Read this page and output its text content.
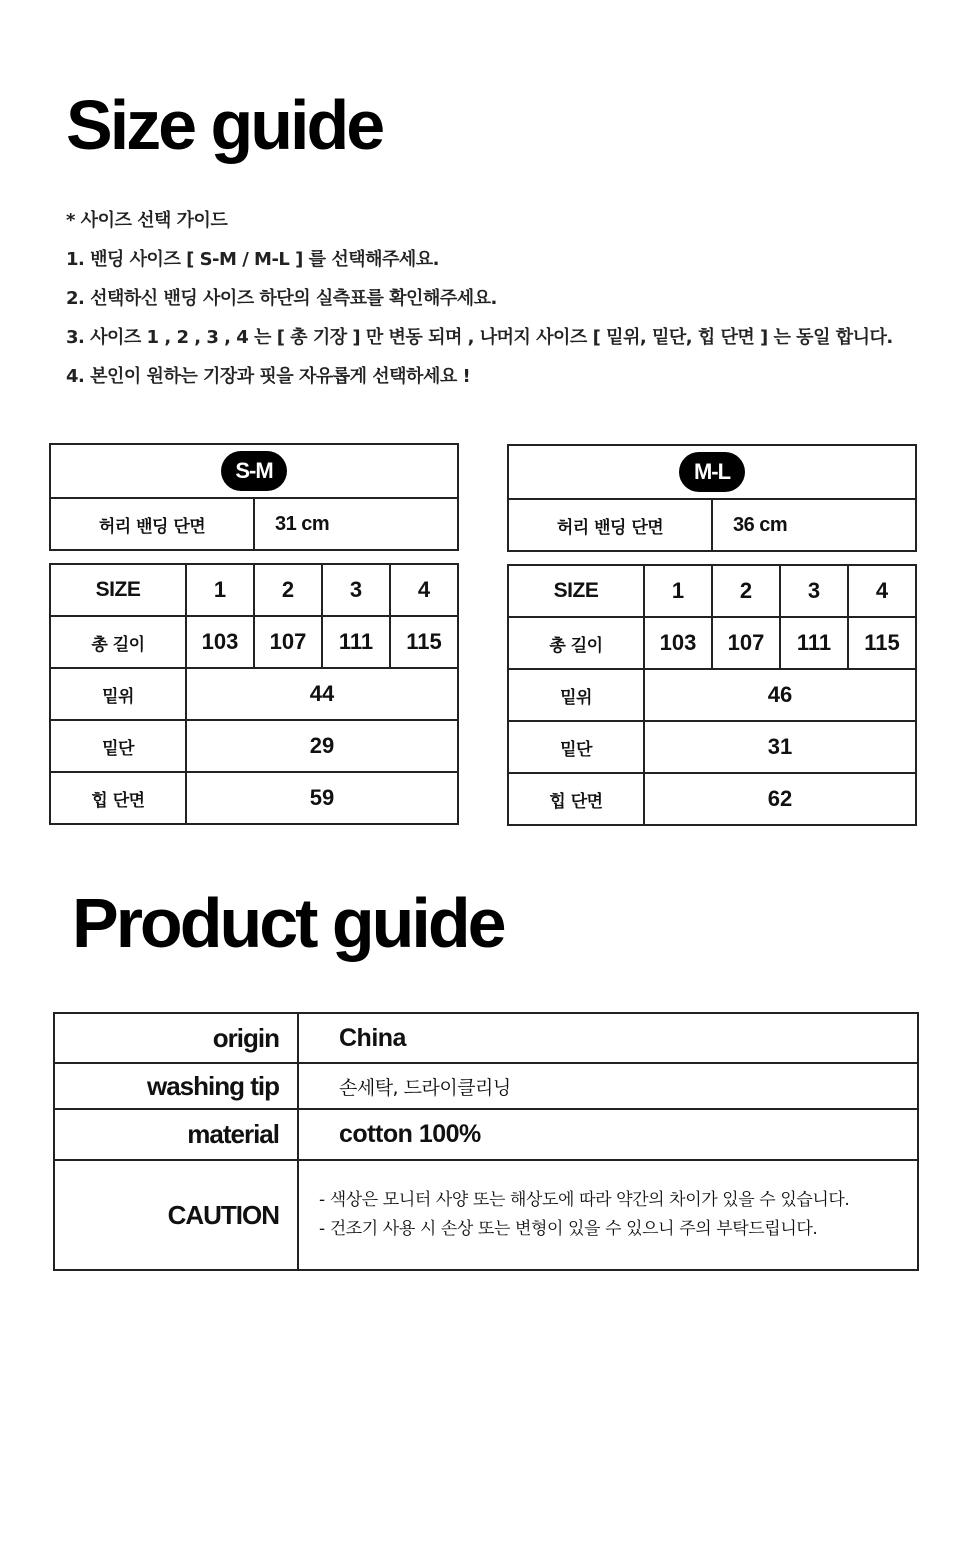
Size guide
* 사이즈 선택 가이드
1. 밴딩 사이즈 [ S-M / M-L ] 를 선택해주세요.
2. 선택하신 밴딩 사이즈 하단의 실측표를 확인해주세요.
3. 사이즈 1 , 2 , 3 , 4 는 [ 총 기장 ] 만 변동 되며 , 나머지 사이즈 [ 밑위, 밑단, 힙 단면 ] 는 동일 합니다.
4. 본인이 원하는 기장과 핏을 자유롭게 선택하세요 !
S-M
허리 밴딩 단면	31 cm
M-L
허리 밴딩 단면	36 cm
SIZE	1	2	3	4
총 길이	103	107	111	115
밑위	44			
밑단	29			
힙 단면	59			
SIZE	1	2	3	4
총 길이	103	107	111	115
밑위	46			
밑단	31			
힙 단면	62			
Product guide
origin	China
washing tip	손세탁, 드라이클리닝
material	cotton 100%
CAUTION	- 색상은 모니터 사양 또는 해상도에 따라 약간의 차이가 있을 수 있습니다.
- 건조기 사용 시 손상 또는 변형이 있을 수 있으니 주의 부탁드립니다.
